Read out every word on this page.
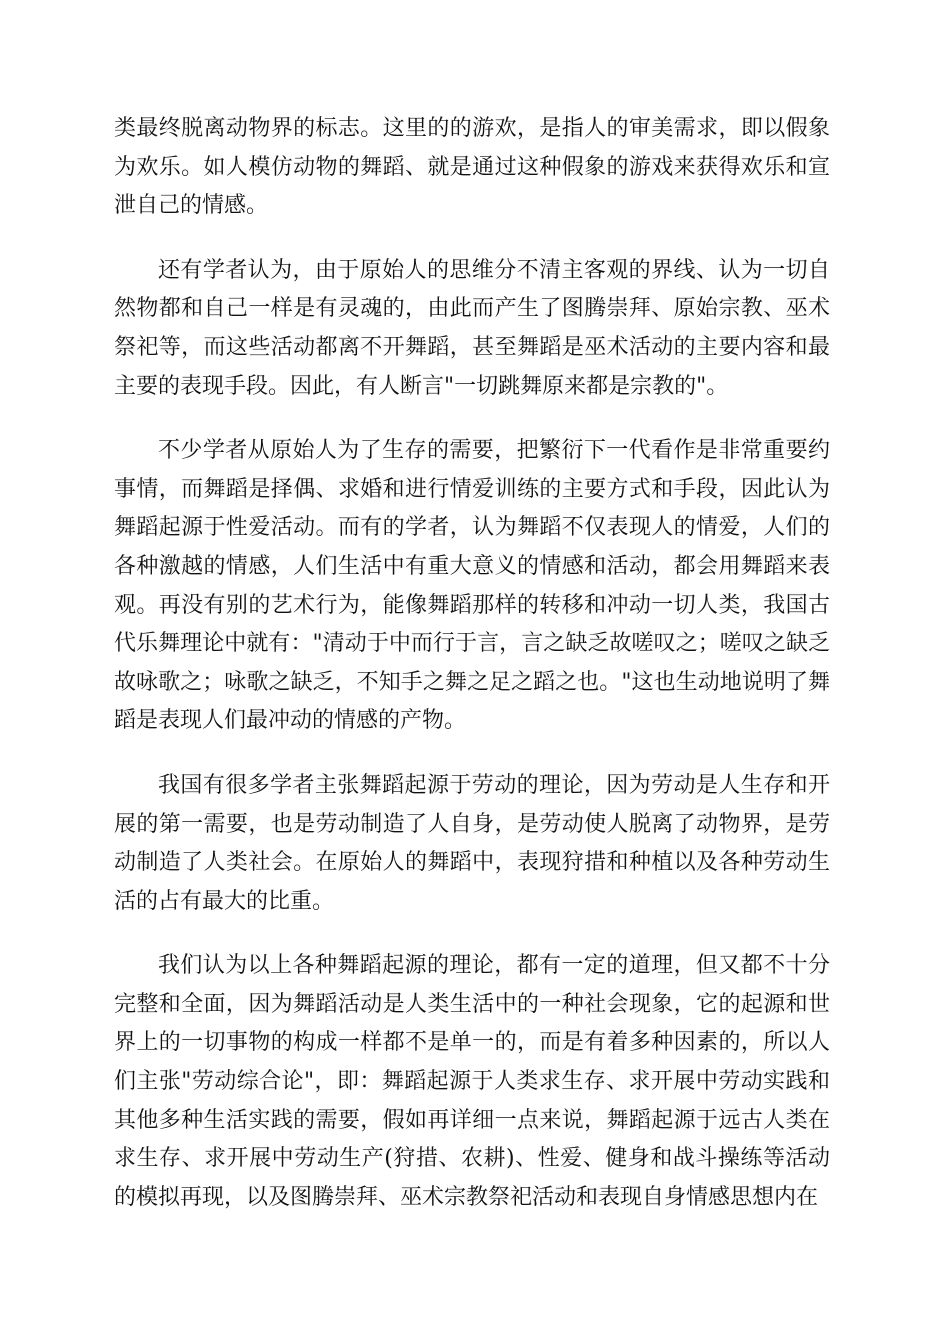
类最终脱离动物界的标志。这里的的游欢，是指人的审美需求，即以假象为欢乐。如人模仿动物的舞蹈、就是通过这种假象的游戏来获得欢乐和宣泄自己的情感。

还有学者认为，由于原始人的思维分不清主客观的界线、认为一切自然物都和自己一样是有灵魂的，由此而产生了图腾崇拜、原始宗教、巫术祭祀等，而这些活动都离不开舞蹈，甚至舞蹈是巫术活动的主要内容和最主要的表现手段。因此，有人断言"一切跳舞原来都是宗教的"。

不少学者从原始人为了生存的需要，把繁衍下一代看作是非常重要约事情，而舞蹈是择偶、求婚和进行情爱训练的主要方式和手段，因此认为舞蹈起源于性爱活动。而有的学者，认为舞蹈不仅表现人的情爱，人们的各种激越的情感，人们生活中有重大意义的情感和活动，都会用舞蹈来表观。再没有别的艺术行为，能像舞蹈那样的转移和冲动一切人类，我国古代乐舞理论中就有："清动于中而行于言，言之缺乏故嗟叹之；嗟叹之缺乏故咏歌之；咏歌之缺乏，不知手之舞之足之蹈之也。"这也生动地说明了舞蹈是表现人们最冲动的情感的产物。

我国有很多学者主张舞蹈起源于劳动的理论，因为劳动是人生存和开展的第一需要，也是劳动制造了人自身，是劳动使人脱离了动物界，是劳动制造了人类社会。在原始人的舞蹈中，表现狩措和种植以及各种劳动生活的占有最大的比重。

我们认为以上各种舞蹈起源的理论，都有一定的道理，但又都不十分完整和全面，因为舞蹈活动是人类生活中的一种社会现象，它的起源和世界上的一切事物的构成一样都不是单一的，而是有着多种因素的，所以人们主张"劳动综合论"，即：舞蹈起源于人类求生存、求开展中劳动实践和其他多种生活实践的需要，假如再详细一点来说，舞蹈起源于远古人类在求生存、求开展中劳动生产(狩措、农耕)、性爱、健身和战斗操练等活动的模拟再现，以及图腾崇拜、巫术宗教祭祀活动和表现自身情感思想内在
